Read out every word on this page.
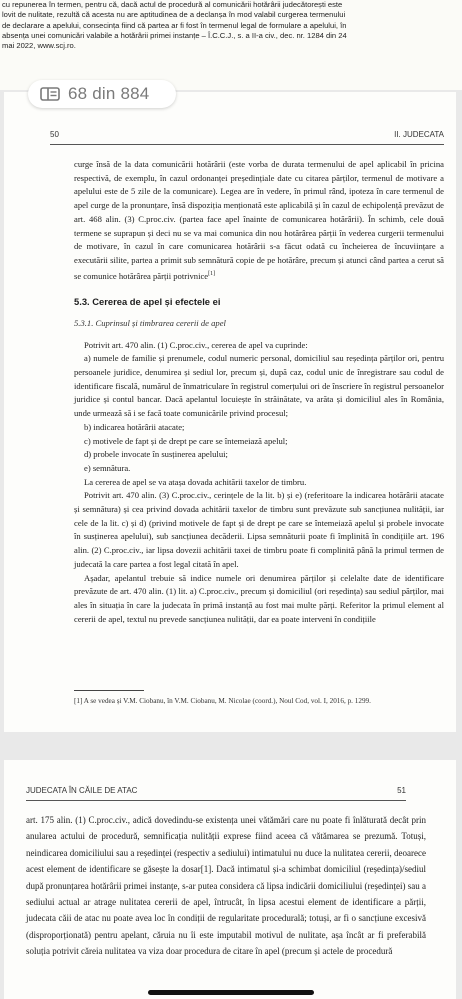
cu repunerea în termen, pentru că, dacă actul de procedură al comunicării hotărârii judecătorești este

lovit de nulitate, rezultă că acesta nu are aptitudinea de a declanșa în mod valabil curgerea termenului

de declarare a apelului, consecința fiind că partea ar fi fost în termenul legal de formulare a apelului, în

absența unei comunicări valabile a hotărârii primei instanțe – Î.C.C.J., s. a II-a civ., dec. nr. 1284 din 24

mai 2022, www.scj.ro.

50	II. JUDECATA

curge însă de la data comunicării hotărârii (este vorba de durata termenului de apel aplicabil în pricina respectivă, de exemplu, în cazul ordonanței președințiale date cu citarea părților, termenul de motivare a apelului este de 5 zile de la comunicare). Legea are în vedere, în primul rând, ipoteza în care termenul de apel curge de la pronunțare, însă dispoziția menționată este aplicabilă și în cazul de echipolență prevăzut de art. 468 alin. (3) C.proc.civ. (partea face apel înainte de comunicarea hotărârii). În schimb, cele două termene se suprapun și deci nu se va mai comunica din nou hotărârea părții în vederea curgerii termenului de motivare, în cazul în care comunicarea hotărârii s-a făcut odată cu încheierea de încuviințare a executării silite, partea a primit sub semnătură copie de pe hotărâre, precum și atunci când partea a cerut să se comunice hotărârea părții potrivnice[1]

5.3. Cererea de apel și efectele ei

5.3.1. Cuprinsul și timbrarea cererii de apel

Potrivit art. 470 alin. (1) C.proc.civ., cererea de apel va cuprinde:

a) numele de familie și prenumele, codul numeric personal, domiciliul sau reședința părților ori, pentru persoanele juridice, denumirea și sediul lor, precum și, după caz, codul unic de înregistrare sau codul de identificare fiscală, numărul de înmatriculare în registrul comerțului ori de înscriere în registrul persoanelor juridice și contul bancar. Dacă apelantul locuiește în străinătate, va arăta și domiciliul ales în România, unde urmează să i se facă toate comunicările privind procesul;

b) indicarea hotărârii atacate;

c) motivele de fapt și de drept pe care se întemeiază apelul;

d) probele invocate în susținerea apelului;

e) semnătura.

La cererea de apel se va atașa dovada achitării taxelor de timbru.

Potrivit art. 470 alin. (3) C.proc.civ., cerințele de la lit. b) și e) (referitoare la indicarea hotărârii atacate și semnătura) și cea privind dovada achitării taxelor de timbru sunt prevăzute sub sancțiunea nulității, iar cele de la lit. c) și d) (privind motivele de fapt și de drept pe care se întemeiază apelul și probele invocate în susținerea apelului), sub sancțiunea decăderii. Lipsa semnăturii poate fi împlinită în condițiile art. 196 alin. (2) C.proc.civ., iar lipsa dovezii achitării taxei de timbru poate fi complinită până la primul termen de judecată la care partea a fost legal citată în apel.

Așadar, apelantul trebuie să indice numele ori denumirea părților și celelalte date de identificare prevăzute de art. 470 alin. (1) lit. a) C.proc.civ., precum și domiciliul (ori reședința) sau sediul părților, mai ales în situația în care la judecata în primă instanță au fost mai multe părți. Referitor la primul element al cererii de apel, textul nu prevede sancțiunea nulității, dar ea poate interveni în condițiile

[1] A se vedea și V.M. Ciobanu, în V.M. Ciobanu, M. Nicolae (coord.), Noul Cod, vol. I, 2016, p. 1299.
JUDECATA ÎN CĂILE DE ATAC	51

art. 175 alin. (1) C.proc.civ., adică dovedindu-se existența unei vătămări care nu poate fi înlăturată decât prin anularea actului de procedură, semnificația nulității exprese fiind aceea că vătămarea se prezumă. Totuși, neindicarea domiciliului sau a reședinței (respectiv a sediului) intimatului nu duce la nulitatea cererii, deoarece acest element de identificare se găsește la dosar[1]. Dacă intimatul și-a schimbat domiciliul (reședința)/sediul după pronunțarea hotărârii primei instanțe, s-ar putea considera că lipsa indicării domiciliului (reședinței) sau a sediului actual ar atrage nulitatea cererii de apel, întrucât, în lipsa acestui element de identificare a părții, judecata căii de atac nu poate avea loc în condiții de regularitate procedurală; totuși, ar fi o sancțiune excesivă (disproporționată) pentru apelant, căruia nu îi este imputabil motivul de nulitate, așa încât ar fi preferabilă soluția potrivit căreia nulitatea va viza doar procedura de citare în apel (precum și actele de procedură

68 din 884
